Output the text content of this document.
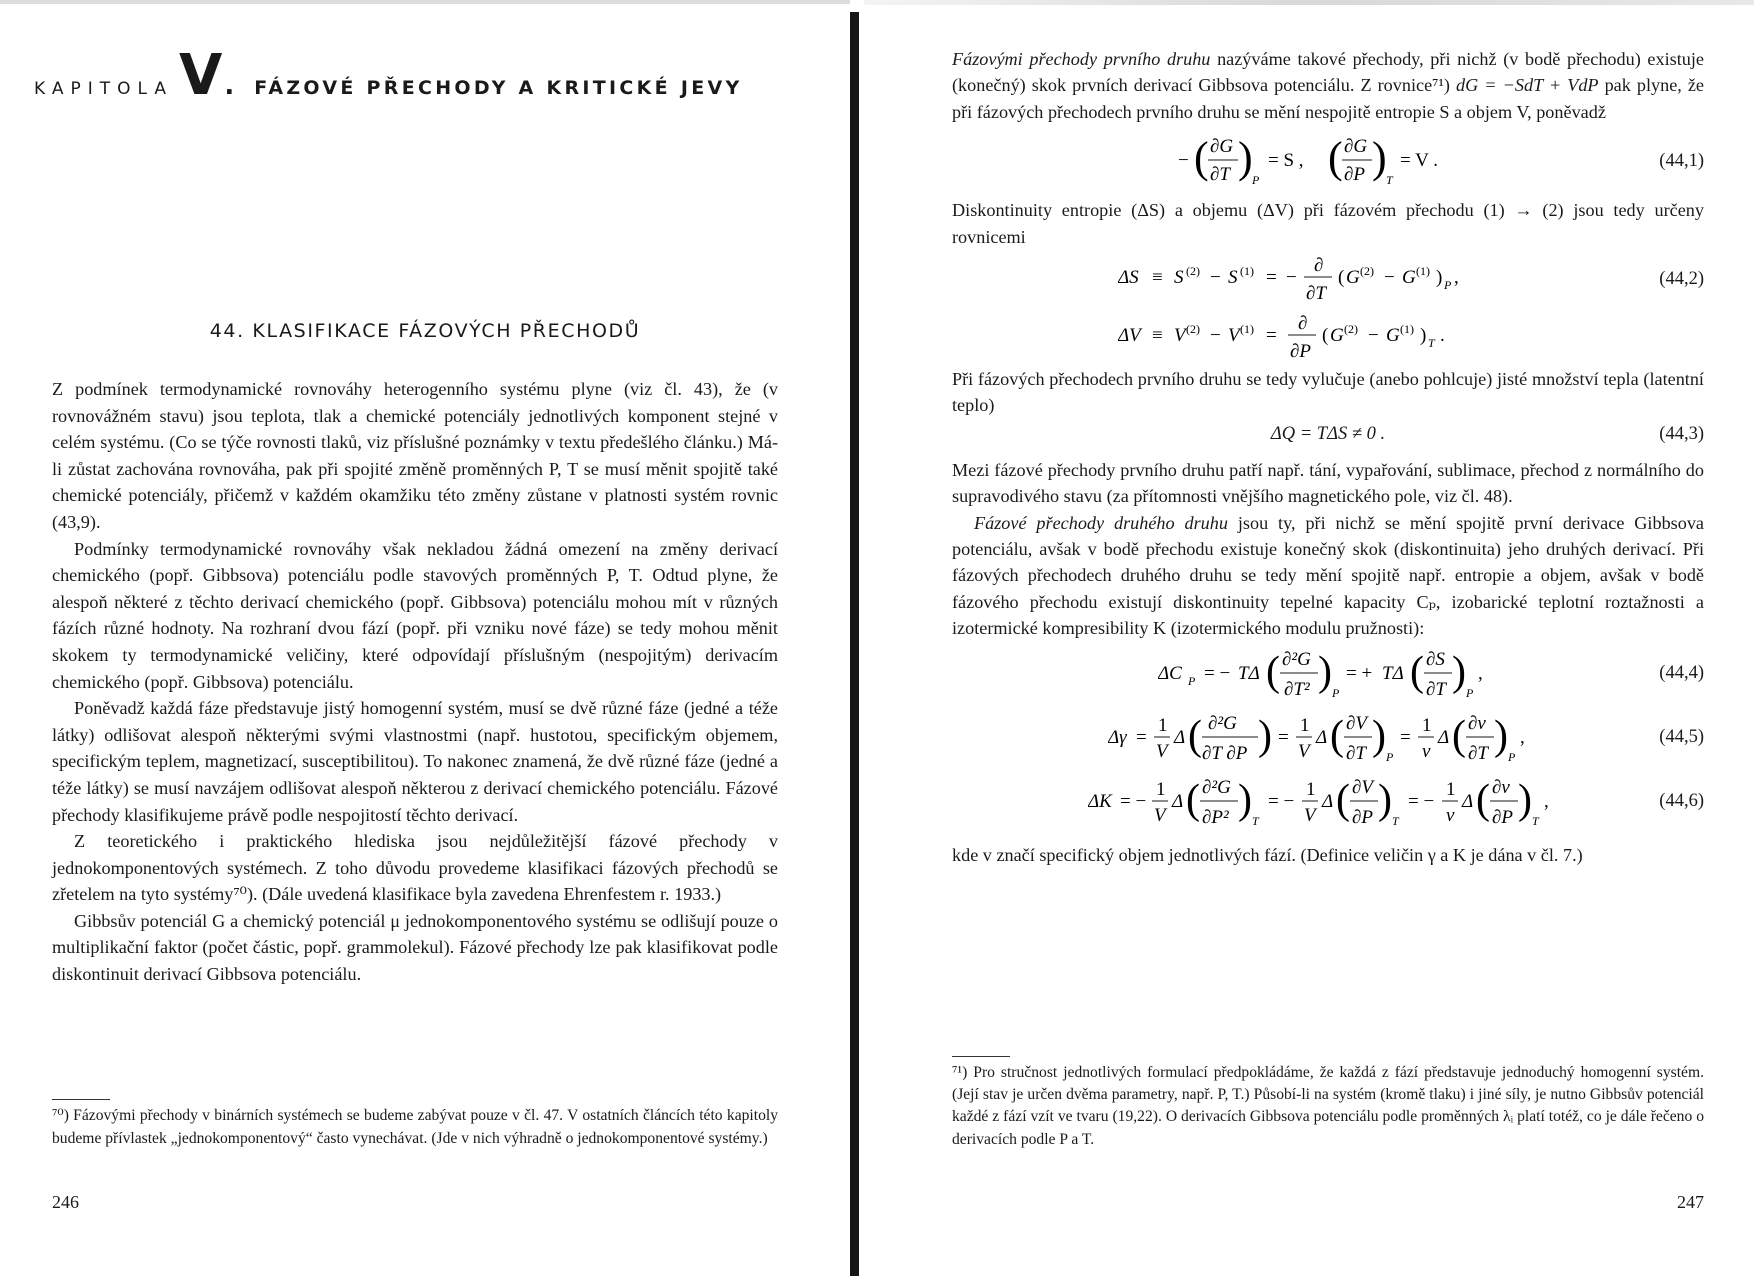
KAPITOLA V . FÁZOVÉ PŘECHODY A KRITICKÉ JEVY
44. KLASIFIKACE FÁZOVÝCH PŘECHODŮ

Z podmínek termodynamické rovnováhy heterogenního systému plyne (viz čl. 43), že (v rovnovážném stavu) jsou teplota, tlak a chemické potenciály jednotlivých komponent stejné v celém systému. (Co se týče rovnosti tlaků, viz příslušné poznámky v textu předešlého článku.) Má-li zůstat zachována rovnováha, pak při spojité změně proměnných P, T se musí měnit spojitě také chemické potenciály, přičemž v každém okamžiku této změny zůstane v platnosti systém rovnic (43,9).

Podmínky termodynamické rovnováhy však nekladou žádná omezení na změny derivací chemického (popř. Gibbsova) potenciálu podle stavových proměnných P, T. Odtud plyne, že alespoň některé z těchto derivací chemického (popř. Gibbsova) potenciálu mohou mít v různých fázích různé hodnoty. Na rozhraní dvou fází (popř. při vzniku nové fáze) se tedy mohou měnit skokem ty termodynamické veličiny, které odpovídají příslušným (nespojitým) derivacím chemického (popř. Gibbsova) potenciálu.

Poněvadž každá fáze představuje jistý homogenní systém, musí se dvě různé fáze (jedné a téže látky) odlišovat alespoň některými svými vlastnostmi (např. hustotou, specifickým objemem, specifickým teplem, magnetizací, susceptibilitou). To nakonec znamená, že dvě různé fáze (jedné a téže látky) se musí navzájem odlišovat alespoň některou z derivací chemického potenciálu. Fázové přechody klasifikujeme právě podle nespojitostí těchto derivací.

Z teoretického i praktického hlediska jsou nejdůležitější fázové přechody v jednokomponentových systémech. Z toho důvodu provedeme klasifikaci fázových přechodů se zřetelem na tyto systémy⁷⁰). (Dále uvedená klasifikace byla zavedena Ehrenfestem r. 1933.)

Gibbsův potenciál G a chemický potenciál μ jednokomponentového systému se odlišují pouze o multiplikační faktor (počet částic, popř. grammolekul). Fázové přechody lze pak klasifikovat podle diskontinuit derivací Gibbsova potenciálu.

⁷⁰) Fázovými přechody v binárních systémech se budeme zabývat pouze v čl. 47. V ostatních článcích této kapitoly budeme přívlastek „jednokomponentový“ často vynechávat. (Jde v nich výhradně o jednokomponentové systémy.)
246

Fázovými přechody prvního druhu nazýváme takové přechody, při nichž (v bodě přechodu) existuje (konečný) skok prvních derivací Gibbsova potenciálu. Z rovnice⁷¹) dG = −SdT + VdP pak plyne, že při fázových přechodech prvního druhu se mění nespojitě entropie S a objem V, poněvadž

− ( ∂G
∂T ) P
= S , ( ∂G
∂P ) T
= V .	(44,1)

Diskontinuity entropie (ΔS) a objemu (ΔV) při fázovém přechodu (1) → (2) jsou tedy určeny rovnicemi

ΔS ≡ S (2) − S (1) = −
∂
∂T
( G (2) − G (1) ) P ,	(44,2)
ΔV ≡ V (2) − V (1) =
∂
∂P
( G (2) − G (1) ) T .

Při fázových přechodech prvního druhu se tedy vylučuje (anebo pohlcuje) jisté množství tepla (latentní teplo)

ΔQ = TΔS ≠ 0 .	(44,3)

Mezi fázové přechody prvního druhu patří např. tání, vypařování, sublimace, přechod z normálního do supravodivého stavu (za přítomnosti vnějšího magnetického pole, viz čl. 48).

Fázové přechody druhého druhu jsou ty, při nichž se mění spojitě první derivace Gibbsova potenciálu, avšak v bodě přechodu existuje konečný skok (diskontinuita) jeho druhých derivací. Při fázových přechodech druhého druhu se tedy mění spojitě např. entropie a objem, avšak v bodě fázového přechodu existují diskontinuity tepelné kapacity Cₚ, izobarické teplotní roztažnosti a izotermické kompresibility K (izotermického modulu pružnosti):

ΔC P = − TΔ ( ∂²G
∂T² ) P
= + TΔ ( ∂S
∂T ) P
,	(44,4)
Δγ =
1
V
Δ ( ∂²G
∂T ∂P ) =
1
V
Δ ( ∂V
∂T ) P
=
1
v
Δ ( ∂v
∂T ) P
,	(44,5)
ΔK = −
1
V
Δ ( ∂²G
∂P² ) T
= −
1
V
Δ ( ∂V
∂P ) T
= −
1
v
Δ ( ∂v
∂P ) T
,	(44,6)

kde v značí specifický objem jednotlivých fází. (Definice veličin γ a K je dána v čl. 7.)

⁷¹) Pro stručnost jednotlivých formulací předpokládáme, že každá z fází představuje jednoduchý homogenní systém. (Její stav je určen dvěma parametry, např. P, T.) Působí-li na systém (kromě tlaku) i jiné síly, je nutno Gibbsův potenciál každé z fází vzít ve tvaru (19,22). O derivacích Gibbsova potenciálu podle proměnných λᵢ platí totéž, co je dále řečeno o derivacích podle P a T.
247
